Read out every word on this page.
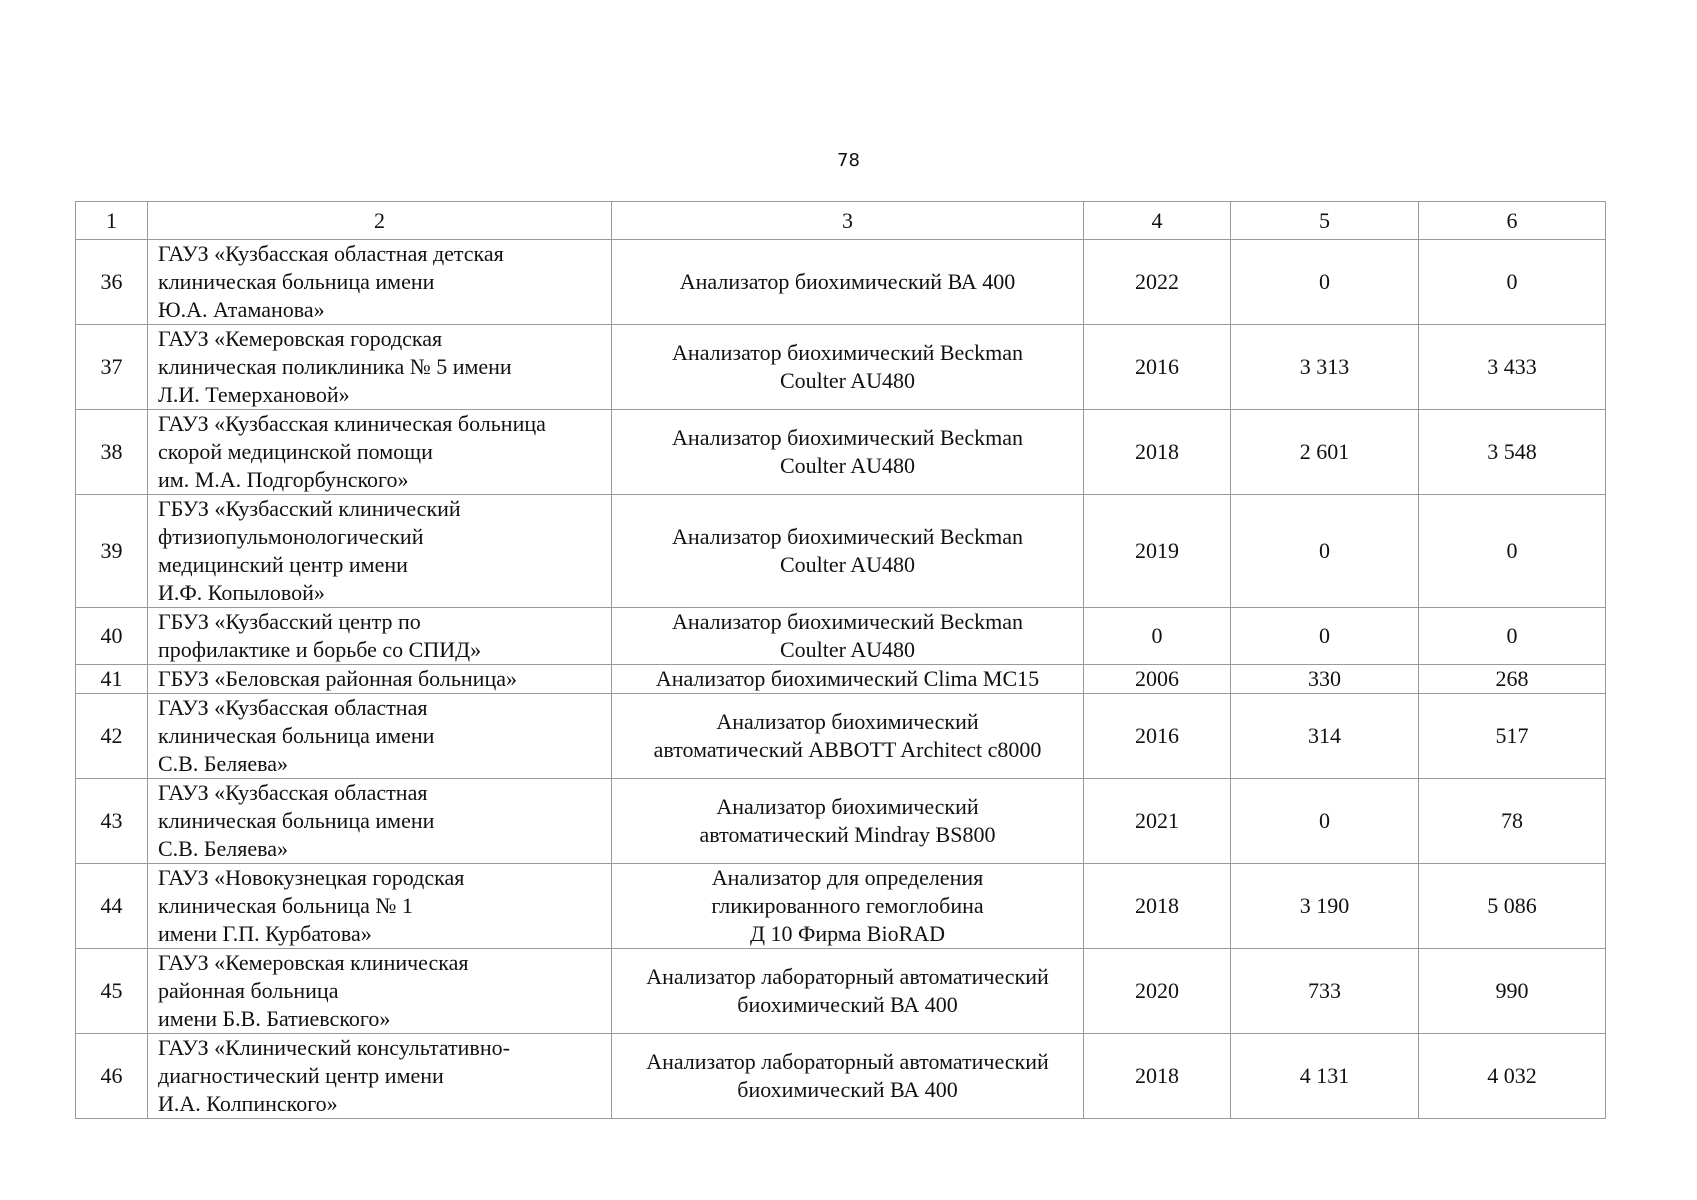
78
1	2	3	4	5	6
36	ГАУЗ «Кузбасская областная детская
клиническая больница имени
Ю.А. Атаманова»	Анализатор биохимический ВА 400	2022	0	0
37	ГАУЗ «Кемеровская городская
клиническая поликлиника № 5 имени
Л.И. Темерхановой»	Анализатор биохимический Beckman
Coulter AU480	2016	3 313	3 433
38	ГАУЗ «Кузбасская клиническая больница
скорой медицинской помощи
им. М.А. Подгорбунского»	Анализатор биохимический Beckman
Coulter AU480	2018	2 601	3 548
39	ГБУЗ «Кузбасский клинический
фтизиопульмонологический
медицинский центр имени
И.Ф. Копыловой»	Анализатор биохимический Beckman
Coulter AU480	2019	0	0
40	ГБУЗ «Кузбасский центр по
профилактике и борьбе со СПИД»	Анализатор биохимический Beckman
Coulter AU480	0	0	0
41	ГБУЗ «Беловская районная больница»	Анализатор биохимический Clima MC15	2006	330	268
42	ГАУЗ «Кузбасская областная
клиническая больница имени
С.В. Беляева»	Анализатор биохимический
автоматический ABBOTT Architect c8000	2016	314	517
43	ГАУЗ «Кузбасская областная
клиническая больница имени
С.В. Беляева»	Анализатор биохимический
автоматический Mindray BS800	2021	0	78
44	ГАУЗ «Новокузнецкая городская
клиническая больница № 1
имени Г.П. Курбатова»	Анализатор для определения
гликированного гемоглобина
Д 10 Фирма BioRAD	2018	3 190	5 086
45	ГАУЗ «Кемеровская клиническая
районная больница
имени Б.В. Батиевского»	Анализатор лабораторный автоматический
биохимический ВА 400	2020	733	990
46	ГАУЗ «Клинический консультативно-
диагностический центр имени
И.А. Колпинского»	Анализатор лабораторный автоматический
биохимический ВА 400	2018	4 131	4 032
